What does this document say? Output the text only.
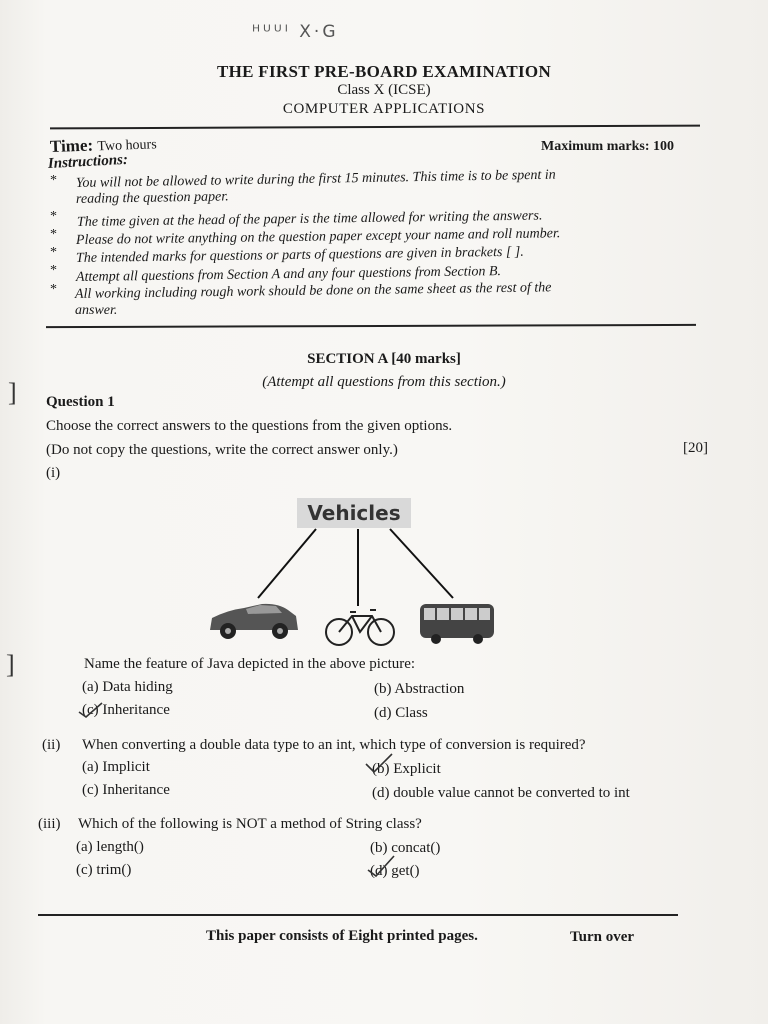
ᴴᵁᵁᴵ X·G
THE FIRST PRE-BOARD EXAMINATION
Class X (ICSE)
COMPUTER APPLICATIONS
Time: Two hours	Maximum marks: 100
Instructions:
* You will not be allowed to write during the first 15 minutes. This time is to be spent in
reading the question paper.
* The time given at the head of the paper is the time allowed for writing the answers.
* Please do not write anything on the question paper except your name and roll number.
* The intended marks for questions or parts of questions are given in brackets [ ].
* Attempt all questions from Section A and any four questions from Section B.
* All working including rough work should be done on the same sheet as the rest of the
answer.
SECTION A [40 marks]
(Attempt all questions from this section.)
] Question 1
Choose the correct answers to the questions from the given options.
(Do not copy the questions, write the correct answer only.)	[20]
(i)
Vehicles
]	Name the feature of Java depicted in the above picture:
(a) Data hiding	(b) Abstraction
(c) Inheritance	(d) Class
(ii) When converting a double data type to an int, which type of conversion is required?
(a) Implicit	(b) Explicit
(c) Inheritance	(d) double value cannot be converted to int
(iii) Which of the following is NOT a method of String class?
(a) length()	(b) concat()
(c) trim()	(d) get()
This paper consists of Eight printed pages.	Turn over
